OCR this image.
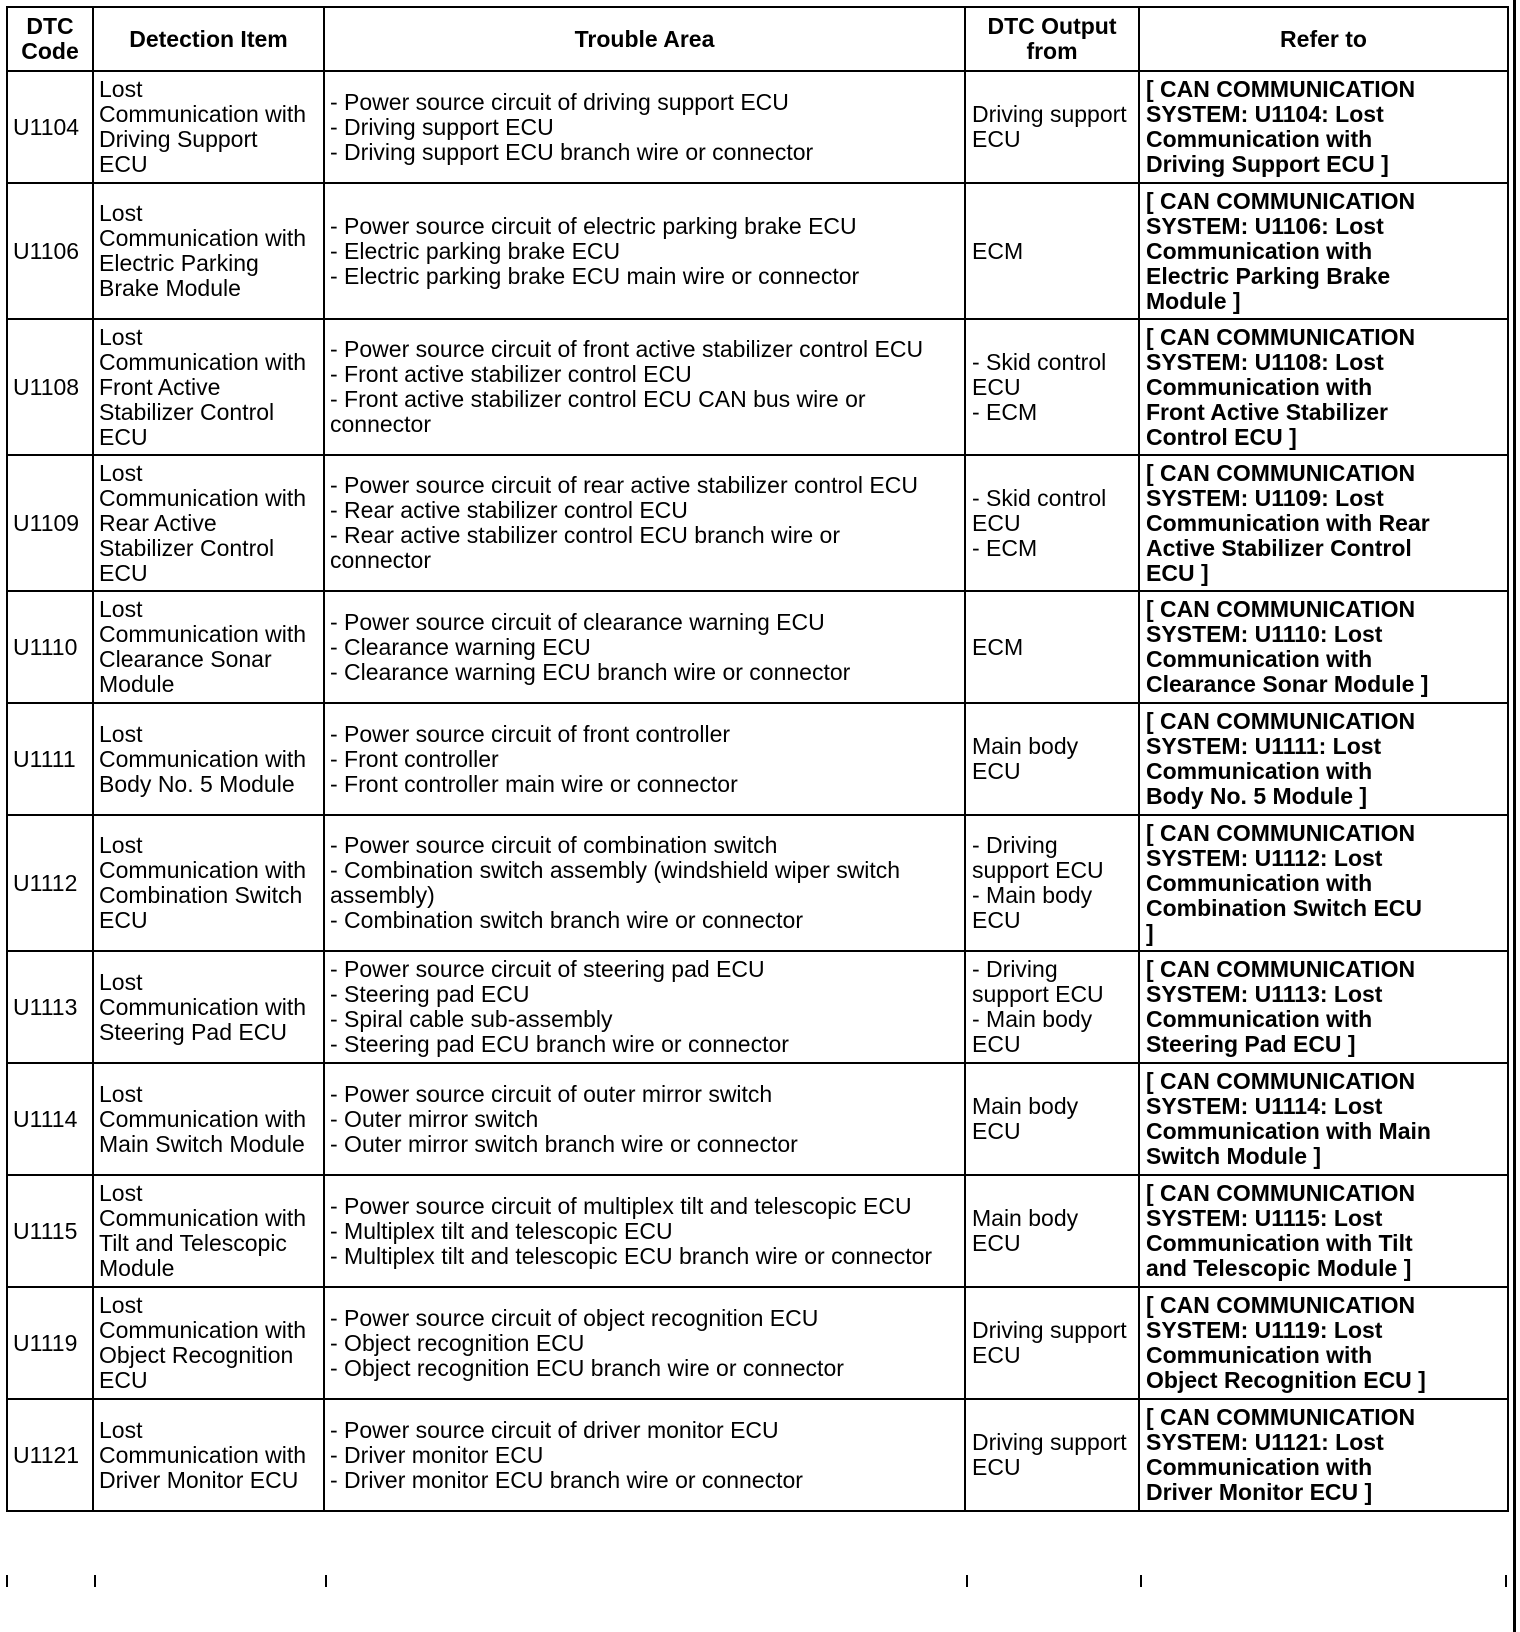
DTC Code	Detection Item	Trouble Area	DTC Output from	Refer to
U1104	Lost
Communication with
Driving Support
ECU	- Power source circuit of driving support ECU
- Driving support ECU
- Driving support ECU branch wire or connector	Driving support
ECU	[ CAN COMMUNICATION
SYSTEM: U1104: Lost
Communication with
Driving Support ECU ]

U1106	Lost
Communication with
Electric Parking
Brake Module	- Power source circuit of electric parking brake ECU
- Electric parking brake ECU
- Electric parking brake ECU main wire or connector	ECM	[ CAN COMMUNICATION
SYSTEM: U1106: Lost
Communication with
Electric Parking Brake
Module ]

U1108	Lost
Communication with
Front Active
Stabilizer Control
ECU	- Power source circuit of front active stabilizer control ECU
- Front active stabilizer control ECU
- Front active stabilizer control ECU CAN bus wire or
connector	- Skid control
ECU
- ECM	[ CAN COMMUNICATION
SYSTEM: U1108: Lost
Communication with
Front Active Stabilizer
Control ECU ]

U1109	Lost
Communication with
Rear Active
Stabilizer Control
ECU	- Power source circuit of rear active stabilizer control ECU
- Rear active stabilizer control ECU
- Rear active stabilizer control ECU branch wire or
connector	- Skid control
ECU
- ECM	[ CAN COMMUNICATION
SYSTEM: U1109: Lost
Communication with Rear
Active Stabilizer Control
ECU ]

U1110	Lost
Communication with
Clearance Sonar
Module	- Power source circuit of clearance warning ECU
- Clearance warning ECU
- Clearance warning ECU branch wire or connector	ECM	[ CAN COMMUNICATION
SYSTEM: U1110: Lost
Communication with
Clearance Sonar Module ]

U1111	Lost
Communication with
Body No. 5 Module	- Power source circuit of front controller
- Front controller
- Front controller main wire or connector	Main body
ECU	[ CAN COMMUNICATION
SYSTEM: U1111: Lost
Communication with
Body No. 5 Module ]

U1112	Lost
Communication with
Combination Switch
ECU	- Power source circuit of combination switch
- Combination switch assembly (windshield wiper switch
assembly)
- Combination switch branch wire or connector	- Driving
support ECU
- Main body
ECU	[ CAN COMMUNICATION
SYSTEM: U1112: Lost
Communication with
Combination Switch ECU
]

U1113	Lost
Communication with
Steering Pad ECU	- Power source circuit of steering pad ECU
- Steering pad ECU
- Spiral cable sub-assembly
- Steering pad ECU branch wire or connector	- Driving
support ECU
- Main body
ECU	[ CAN COMMUNICATION
SYSTEM: U1113: Lost
Communication with
Steering Pad ECU ]

U1114	Lost
Communication with
Main Switch Module	- Power source circuit of outer mirror switch
- Outer mirror switch
- Outer mirror switch branch wire or connector	Main body
ECU	[ CAN COMMUNICATION
SYSTEM: U1114: Lost
Communication with Main
Switch Module ]

U1115	Lost
Communication with
Tilt and Telescopic
Module	- Power source circuit of multiplex tilt and telescopic ECU
- Multiplex tilt and telescopic ECU
- Multiplex tilt and telescopic ECU branch wire or connector	Main body
ECU	[ CAN COMMUNICATION
SYSTEM: U1115: Lost
Communication with Tilt
and Telescopic Module ]

U1119	Lost
Communication with
Object Recognition
ECU	- Power source circuit of object recognition ECU
- Object recognition ECU
- Object recognition ECU branch wire or connector	Driving support
ECU	[ CAN COMMUNICATION
SYSTEM: U1119: Lost
Communication with
Object Recognition ECU ]

U1121	Lost
Communication with
Driver Monitor ECU	- Power source circuit of driver monitor ECU
- Driver monitor ECU
- Driver monitor ECU branch wire or connector	Driving support
ECU	[ CAN COMMUNICATION
SYSTEM: U1121: Lost
Communication with
Driver Monitor ECU ]
